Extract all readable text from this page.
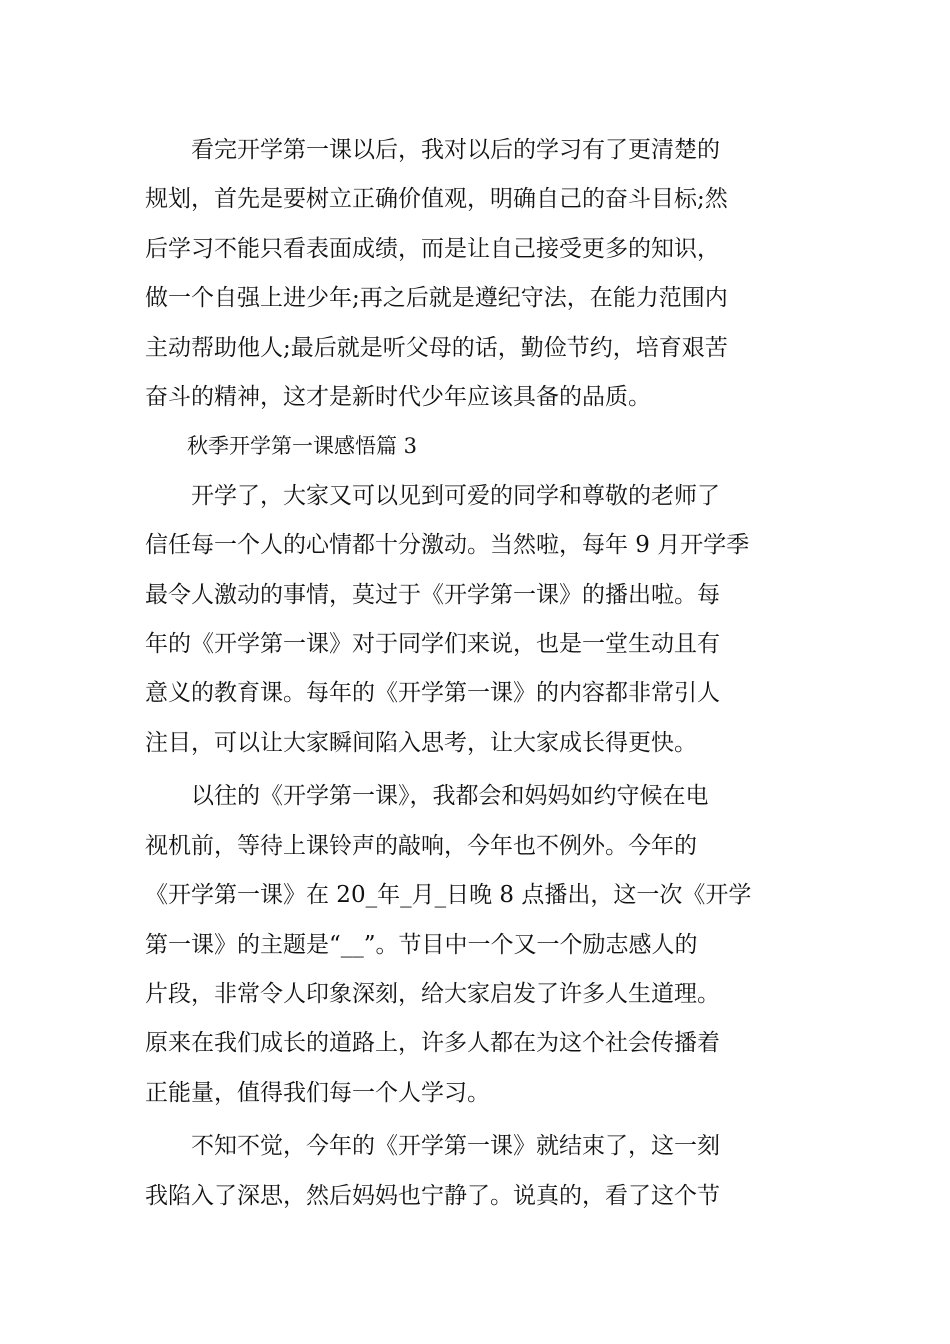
看完开学第一课以后，我对以后的学习有了更清楚的
规划，首先是要树立正确价值观，明确自己的奋斗目标;然
后学习不能只看表面成绩，而是让自己接受更多的知识，
做一个自强上进少年;再之后就是遵纪守法，在能力范围内
主动帮助他人;最后就是听父母的话，勤俭节约，培育艰苦
奋斗的精神，这才是新时代少年应该具备的品质。
秋季开学第一课感悟篇 3
开学了，大家又可以见到可爱的同学和尊敬的老师了
信任每一个人的心情都十分激动。当然啦，每年 9 月开学季
最令人激动的事情，莫过于《开学第一课》的播出啦。每
年的《开学第一课》对于同学们来说，也是一堂生动且有
意义的教育课。每年的《开学第一课》的内容都非常引人
注目，可以让大家瞬间陷入思考，让大家成长得更快。
以往的《开学第一课》，我都会和妈妈如约守候在电
视机前，等待上课铃声的敲响，今年也不例外。今年的
《开学第一课》在 20_年_月_日晚 8 点播出，这一次《开学
第一课》的主题是“__”。节目中一个又一个励志感人的
片段，非常令人印象深刻，给大家启发了许多人生道理。
原来在我们成长的道路上，许多人都在为这个社会传播着
正能量，值得我们每一个人学习。
不知不觉，今年的《开学第一课》就结束了，这一刻
我陷入了深思，然后妈妈也宁静了。说真的，看了这个节
